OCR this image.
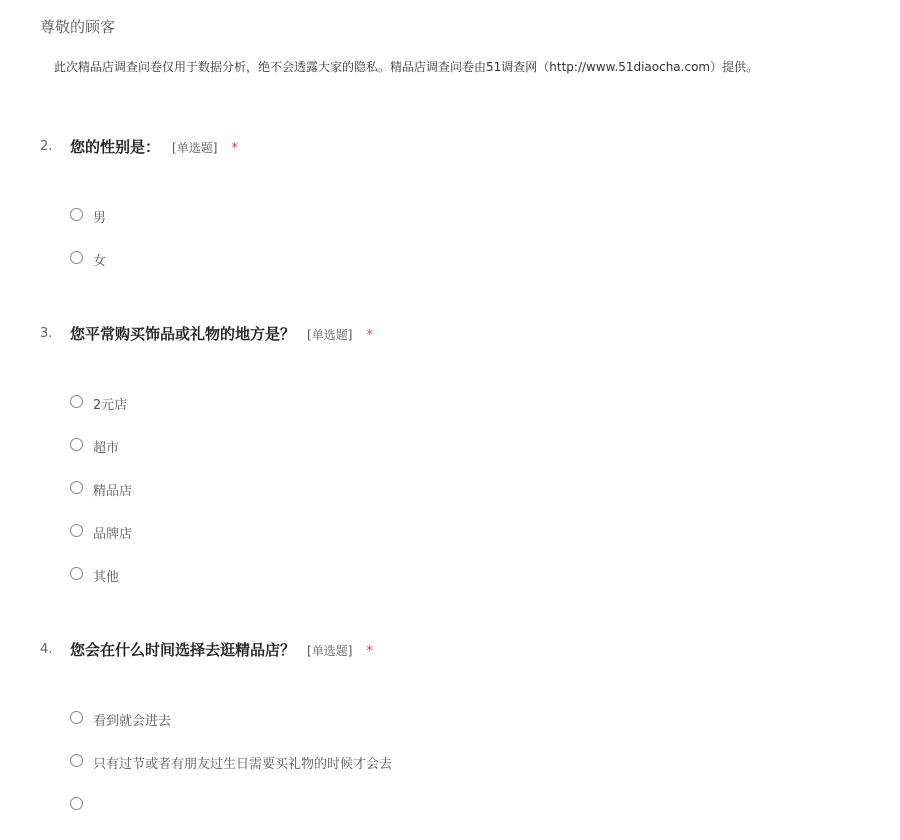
尊敬的顾客
此次精品店调查问卷仅用于数据分析，绝不会透露大家的隐私。精品店调查问卷由51调查网（http://www.51diaocha.com）提供。
2. 您的性别是： [单选题] *
男
女
3. 您平常购买饰品或礼物的地方是？ [单选题] *
2元店
超市
精品店
品牌店
其他
4. 您会在什么时间选择去逛精品店？ [单选题] *
看到就会进去
只有过节或者有朋友过生日需要买礼物的时候才会去
